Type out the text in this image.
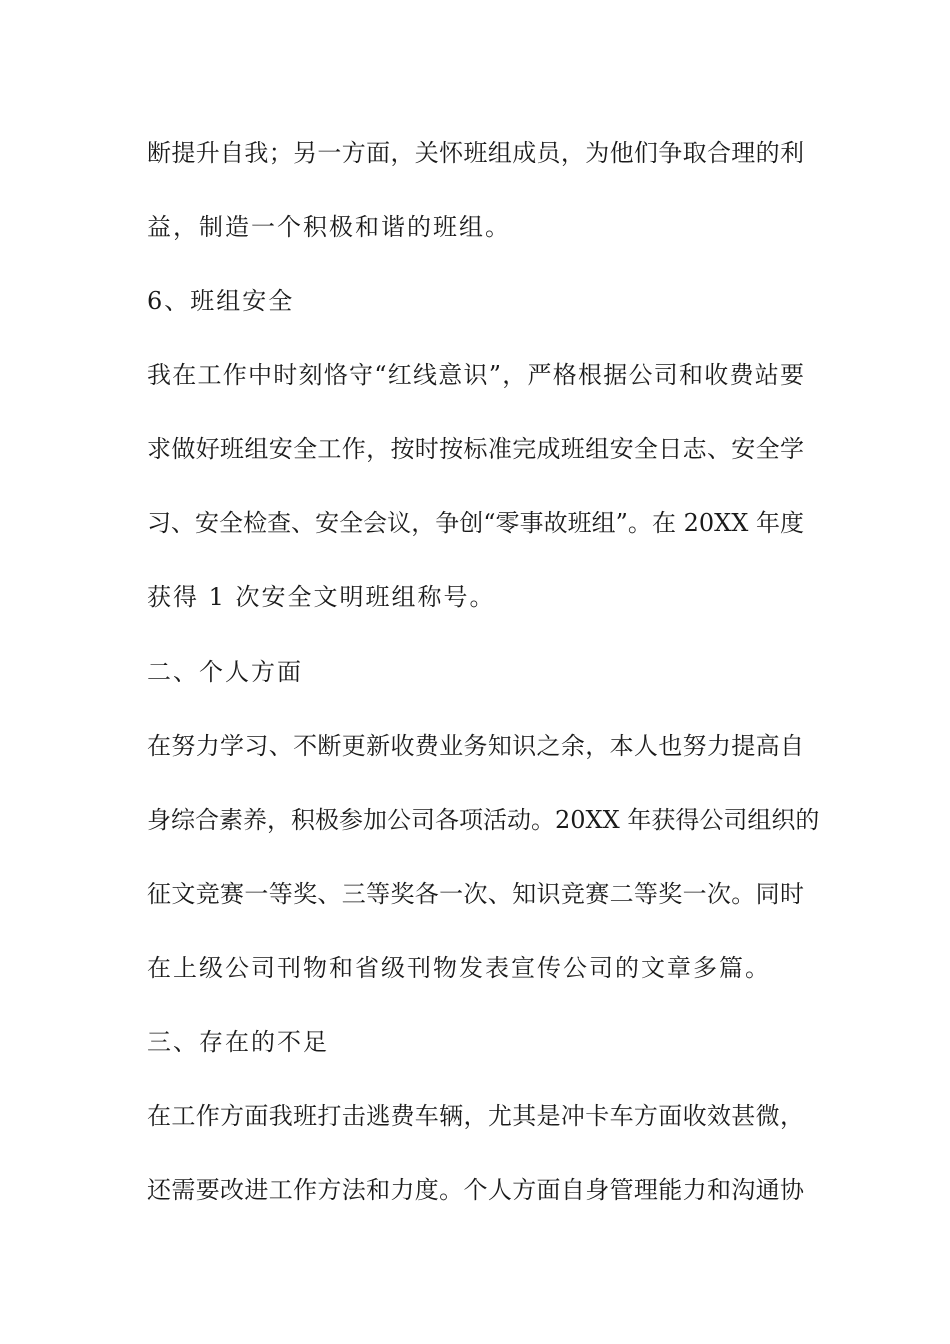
断提升自我；另一方面，关怀班组成员，为他们争取合理的利
益，制造一个积极和谐的班组。
6、班组安全
我在工作中时刻恪守“红线意识”，严格根据公司和收费站要
求做好班组安全工作，按时按标准完成班组安全日志、安全学
习、安全检查、安全会议，争创“零事故班组”。在 20XX 年度
获得 1 次安全文明班组称号。
二、个人方面
在努力学习、不断更新收费业务知识之余，本人也努力提高自
身综合素养，积极参加公司各项活动。20XX 年获得公司组织的
征文竞赛一等奖、三等奖各一次、知识竞赛二等奖一次。同时
在上级公司刊物和省级刊物发表宣传公司的文章多篇。
三、存在的不足
在工作方面我班打击逃费车辆，尤其是冲卡车方面收效甚微，
还需要改进工作方法和力度。个人方面自身管理能力和沟通协
